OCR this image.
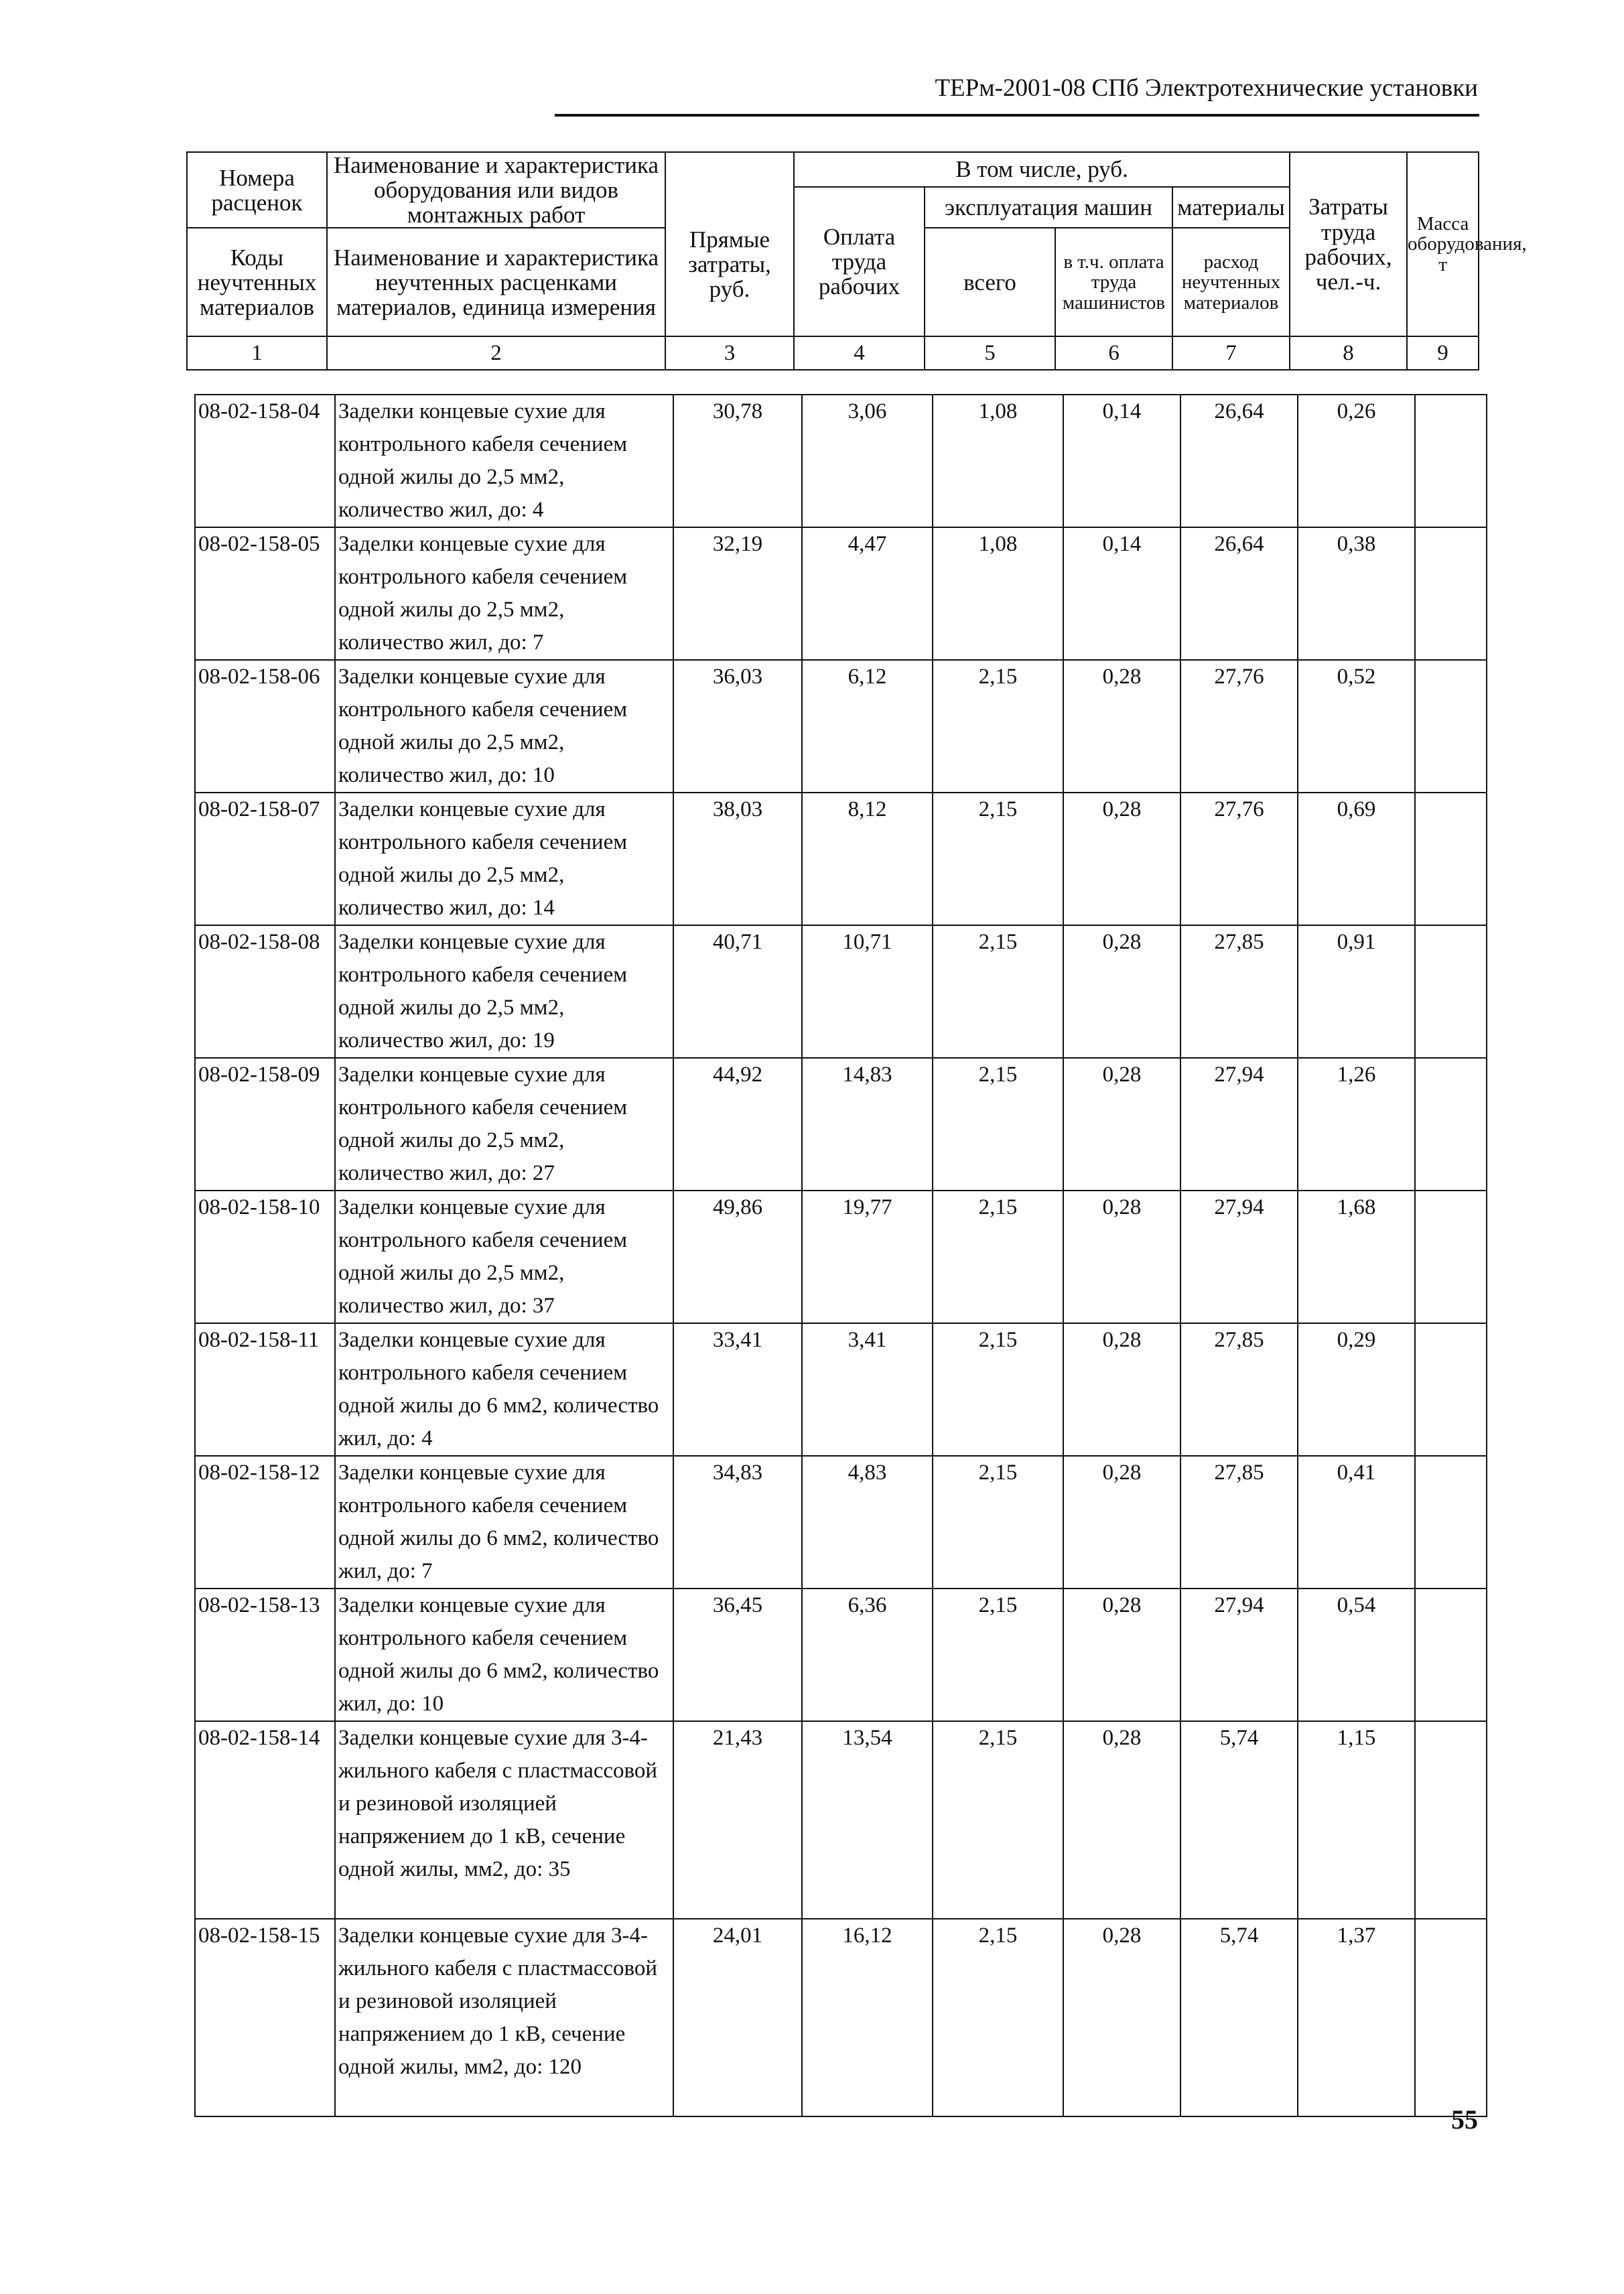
ТЕРм-2001-08 СПб Электротехнические установки
Номера расценок	Наименование и характеристика оборудования или видов монтажных работ	Прямые затраты, руб.	В том числе, руб.				Затраты труда рабочих, чел.-ч.	Масса оборудования, т
			Оплата труда рабочих	эксплуатация машин		материалы		
Коды неучтенных материалов	Наименование и характеристика неучтенных расценками материалов, единица измерения			всего	в т.ч. оплата труда машинистов	расход неучтенных материалов		

1	2	3	4	5	6	7	8	9
08-02-158-04	Заделки концевые сухие для контрольного кабеля сечением одной жилы до 2,5 мм2, количество жил, до: 4	30,78	3,06	1,08	0,14	26,64	0,26	
08-02-158-05	Заделки концевые сухие для контрольного кабеля сечением одной жилы до 2,5 мм2, количество жил, до: 7	32,19	4,47	1,08	0,14	26,64	0,38	
08-02-158-06	Заделки концевые сухие для контрольного кабеля сечением одной жилы до 2,5 мм2, количество жил, до: 10	36,03	6,12	2,15	0,28	27,76	0,52	
08-02-158-07	Заделки концевые сухие для контрольного кабеля сечением одной жилы до 2,5 мм2, количество жил, до: 14	38,03	8,12	2,15	0,28	27,76	0,69	
08-02-158-08	Заделки концевые сухие для контрольного кабеля сечением одной жилы до 2,5 мм2, количество жил, до: 19	40,71	10,71	2,15	0,28	27,85	0,91	
08-02-158-09	Заделки концевые сухие для контрольного кабеля сечением одной жилы до 2,5 мм2, количество жил, до: 27	44,92	14,83	2,15	0,28	27,94	1,26	
08-02-158-10	Заделки концевые сухие для контрольного кабеля сечением одной жилы до 2,5 мм2, количество жил, до: 37	49,86	19,77	2,15	0,28	27,94	1,68	
08-02-158-11	Заделки концевые сухие для контрольного кабеля сечением одной жилы до 6 мм2, количество жил, до: 4	33,41	3,41	2,15	0,28	27,85	0,29	
08-02-158-12	Заделки концевые сухие для контрольного кабеля сечением одной жилы до 6 мм2, количество жил, до: 7	34,83	4,83	2,15	0,28	27,85	0,41	
08-02-158-13	Заделки концевые сухие для контрольного кабеля сечением одной жилы до 6 мм2, количество жил, до: 10	36,45	6,36	2,15	0,28	27,94	0,54	
08-02-158-14	Заделки концевые сухие для 3-4-жильного кабеля с пластмассовой и резиновой изоляцией напряжением до 1 кВ, сечение одной жилы, мм2, до: 35	21,43	13,54	2,15	0,28	5,74	1,15	
08-02-158-15	Заделки концевые сухие для 3-4-жильного кабеля с пластмассовой и резиновой изоляцией напряжением до 1 кВ, сечение одной жилы, мм2, до: 120	24,01	16,12	2,15	0,28	5,74	1,37	
55
